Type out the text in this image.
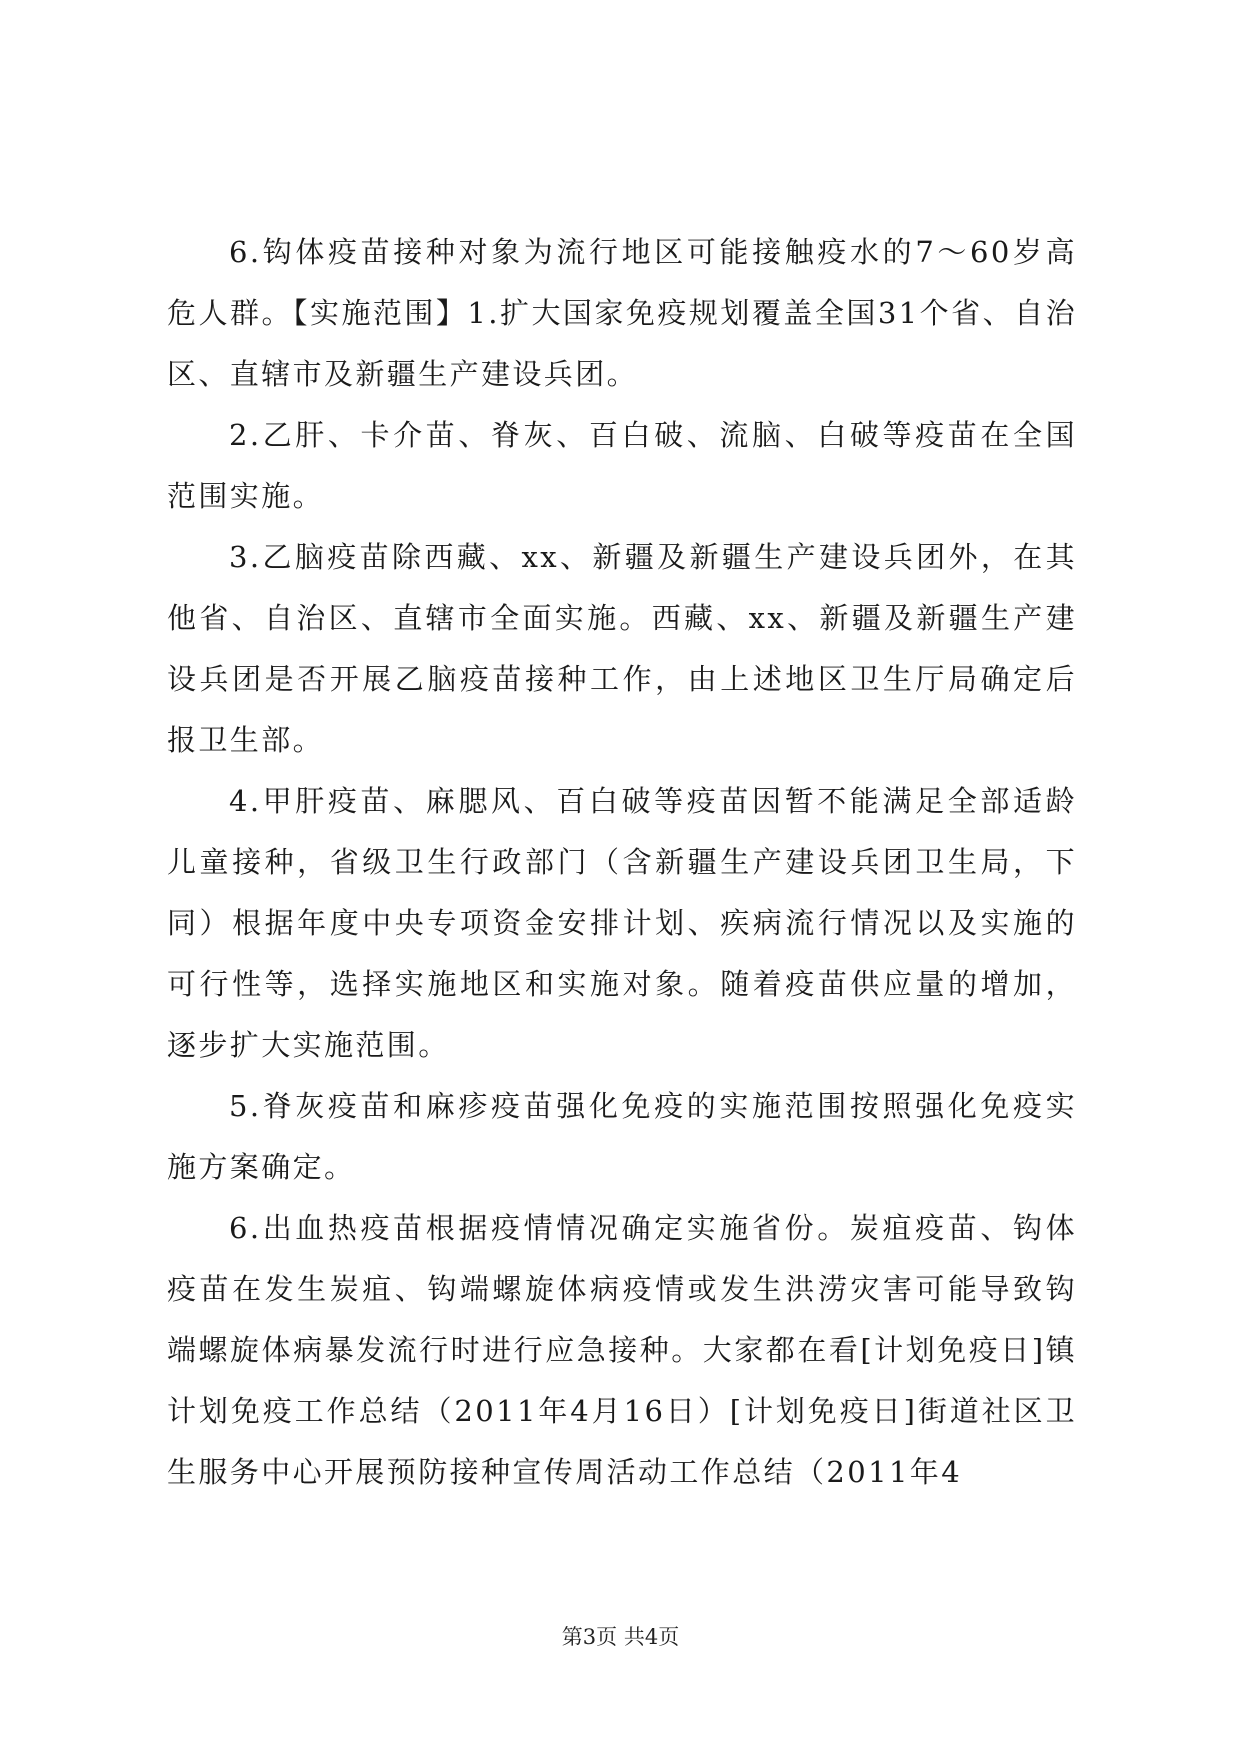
6.钩体疫苗接种对象为流行地区可能接触疫水的7～60岁高危人群。【实施范围】1.扩大国家免疫规划覆盖全国31个省、自治区、直辖市及新疆生产建设兵团。

2.乙肝、卡介苗、脊灰、百白破、流脑、白破等疫苗在全国范围实施。

3.乙脑疫苗除西藏、xx、新疆及新疆生产建设兵团外，在其他省、自治区、直辖市全面实施。西藏、xx、新疆及新疆生产建设兵团是否开展乙脑疫苗接种工作，由上述地区卫生厅局确定后报卫生部。

4.甲肝疫苗、麻腮风、百白破等疫苗因暂不能满足全部适龄儿童接种，省级卫生行政部门（含新疆生产建设兵团卫生局，下同）根据年度中央专项资金安排计划、疾病流行情况以及实施的可行性等，选择实施地区和实施对象。随着疫苗供应量的增加，逐步扩大实施范围。

5.脊灰疫苗和麻疹疫苗强化免疫的实施范围按照强化免疫实施方案确定。

6.出血热疫苗根据疫情情况确定实施省份。炭疽疫苗、钩体疫苗在发生炭疽、钩端螺旋体病疫情或发生洪涝灾害可能导致钩端螺旋体病暴发流行时进行应急接种。大家都在看[计划免疫日]镇计划免疫工作总结（2011年4月16日）[计划免疫日]街道社区卫生服务中心开展预防接种宣传周活动工作总结（2011年4

第3页 共4页
